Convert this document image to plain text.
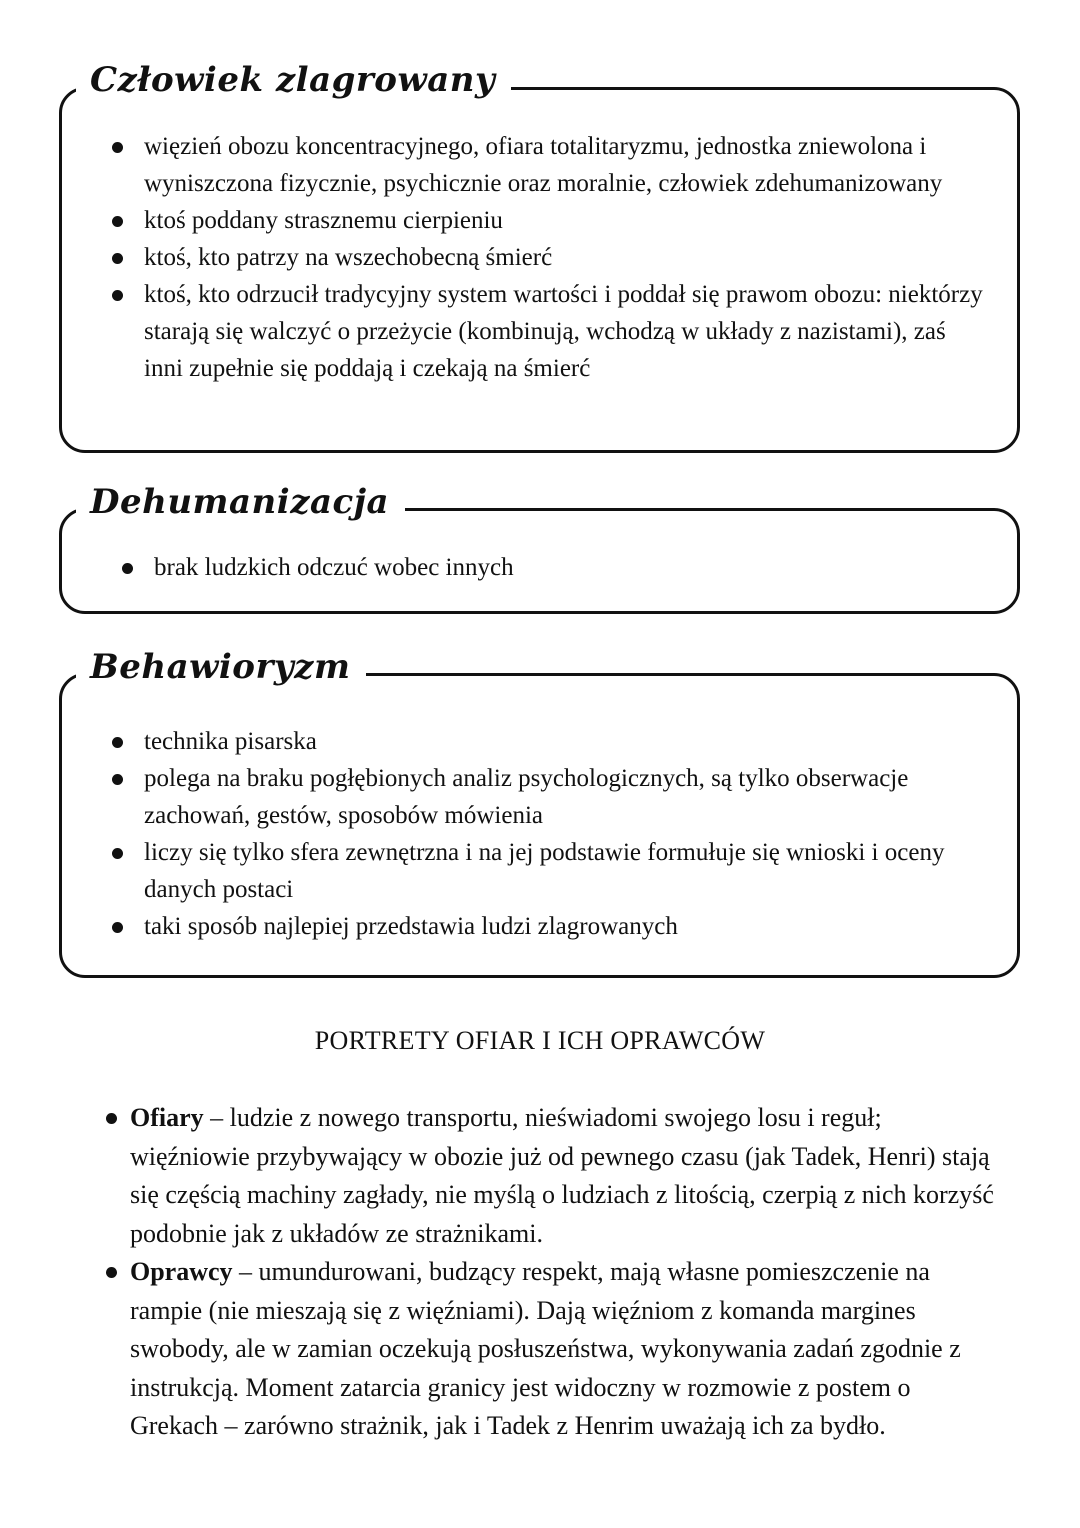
Człowiek zlagrowany
więzień obozu koncentracyjnego, ofiara totalitaryzmu, jednostka zniewolona i wyniszczona fizycznie, psychicznie oraz moralnie, człowiek zdehumanizowany
ktoś poddany strasznemu cierpieniu
ktoś, kto patrzy na wszechobecną śmierć
ktoś, kto odrzucił tradycyjny system wartości i poddał się prawom obozu: niektórzy starają się walczyć o przeżycie (kombinują, wchodzą w układy z nazistami), zaś inni zupełnie się poddają i czekają na śmierć
Dehumanizacja
brak ludzkich odczuć wobec innych
Behawioryzm
technika pisarska
polega na braku pogłębionych analiz psychologicznych, są tylko obserwacje zachowań, gestów, sposobów mówienia
liczy się tylko sfera zewnętrzna i na jej podstawie formułuje się wnioski i oceny danych postaci
taki sposób najlepiej przedstawia ludzi zlagrowanych
PORTRETY OFIAR I ICH OPRAWCÓW
Ofiary – ludzie z nowego transportu, nieświadomi swojego losu i reguł; więźniowie przybywający w obozie już od pewnego czasu (jak Tadek, Henri) stają się częścią machiny zagłady, nie myślą o ludziach z litością, czerpią z nich korzyść podobnie jak z układów ze strażnikami.
Oprawcy – umundurowani, budzący respekt, mają własne pomieszczenie na rampie (nie mieszają się z więźniami). Dają więźniom z komanda margines swobody, ale w zamian oczekują posłuszeństwa, wykonywania zadań zgodnie z instrukcją. Moment zatarcia granicy jest widoczny w rozmowie z postem o Grekach – zarówno strażnik, jak i Tadek z Henrim uważają ich za bydło.
